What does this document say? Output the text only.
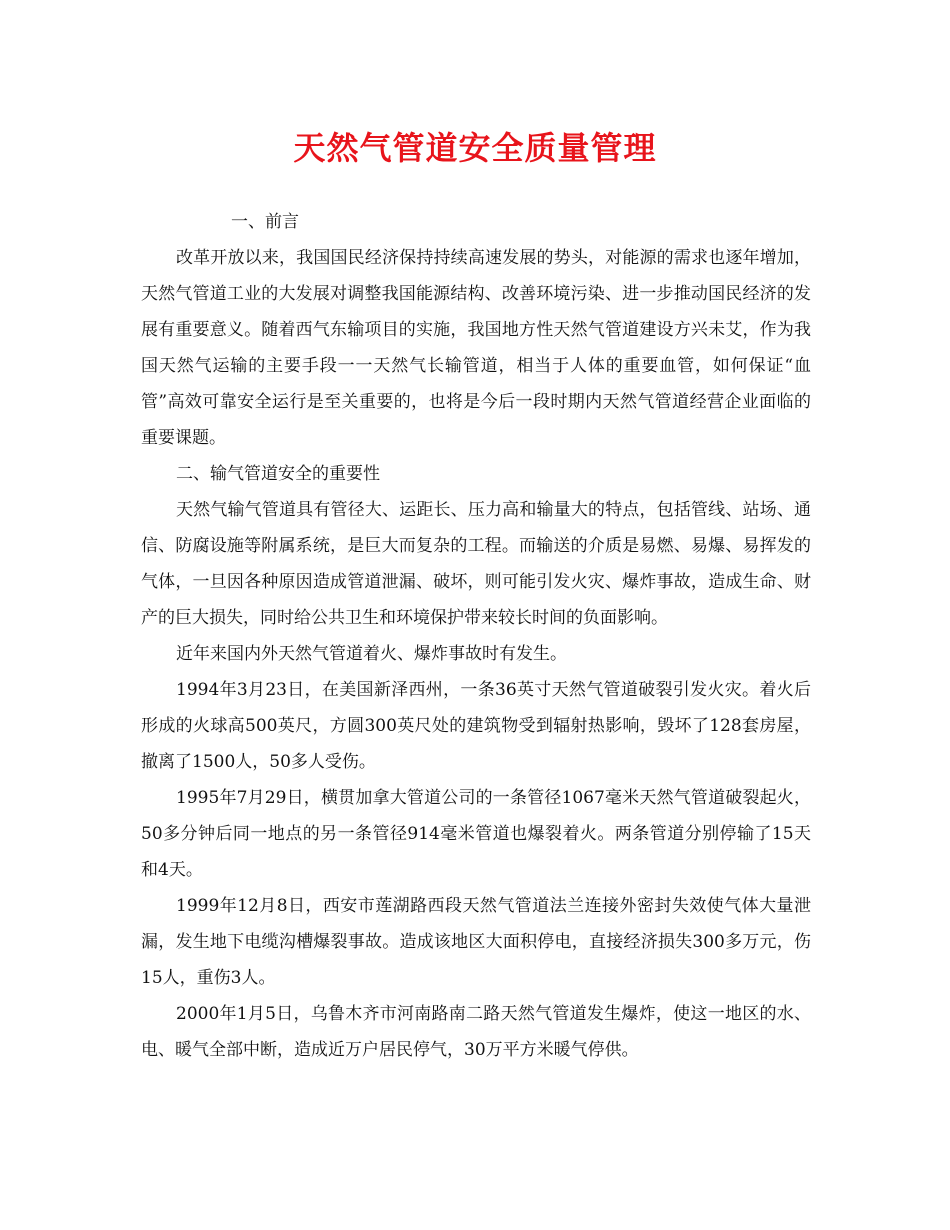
天然气管道安全质量管理

一、前言

改革开放以来，我国国民经济保持持续高速发展的势头，对能源的需求也逐年增加，天然气管道工业的大发展对调整我国能源结构、改善环境污染、进一步推动国民经济的发展有重要意义。随着西气东输项目的实施，我国地方性天然气管道建设方兴未艾，作为我国天然气运输的主要手段一一天然气长输管道，相当于人体的重要血管，如何保证“血管”高效可靠安全运行是至关重要的，也将是今后一段时期内天然气管道经营企业面临的重要课题。

二、输气管道安全的重要性

天然气输气管道具有管径大、运距长、压力高和输量大的特点，包括管线、站场、通信、防腐设施等附属系统，是巨大而复杂的工程。而输送的介质是易燃、易爆、易挥发的气体，一旦因各种原因造成管道泄漏、破坏，则可能引发火灾、爆炸事故，造成生命、财产的巨大损失，同时给公共卫生和环境保护带来较长时间的负面影响。

近年来国内外天然气管道着火、爆炸事故时有发生。

1994年3月23日，在美国新泽西州，一条36英寸天然气管道破裂引发火灾。着火后形成的火球高500英尺，方圆300英尺处的建筑物受到辐射热影响，毁坏了128套房屋，撤离了1500人，50多人受伤。

1995年7月29日，横贯加拿大管道公司的一条管径1067毫米天然气管道破裂起火，50多分钟后同一地点的另一条管径914毫米管道也爆裂着火。两条管道分别停输了15天和4天。

1999年12月8日，西安市莲湖路西段天然气管道法兰连接外密封失效使气体大量泄漏，发生地下电缆沟槽爆裂事故。造成该地区大面积停电，直接经济损失300多万元，伤15人，重伤3人。

2000年1月5日，乌鲁木齐市河南路南二路天然气管道发生爆炸，使这一地区的水、电、暖气全部中断，造成近万户居民停气，30万平方米暖气停供。
